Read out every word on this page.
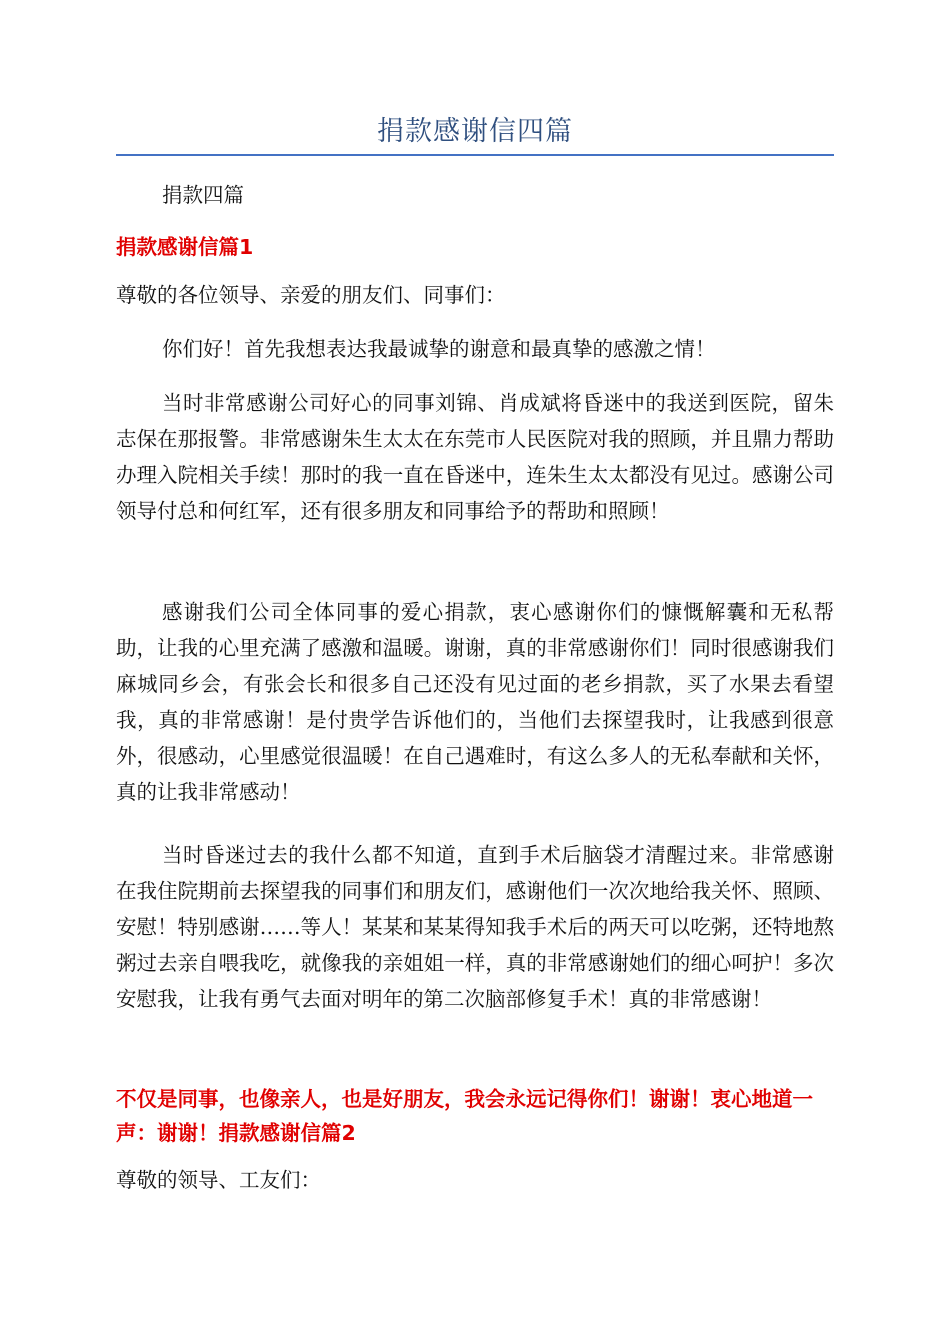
捐款感谢信四篇

捐款四篇

捐款感谢信篇1

尊敬的各位领导、亲爱的朋友们、同事们：

你们好！首先我想表达我最诚挚的谢意和最真挚的感激之情！

当时非常感谢公司好心的同事刘锦、肖成斌将昏迷中的我送到医院，留朱志保在那报警。非常感谢朱生太太在东莞市人民医院对我的照顾，并且鼎力帮助办理入院相关手续！那时的我一直在昏迷中，连朱生太太都没有见过。感谢公司领导付总和何红军，还有很多朋友和同事给予的帮助和照顾！

感谢我们公司全体同事的爱心捐款，衷心感谢你们的慷慨解囊和无私帮助，让我的心里充满了感激和温暖。谢谢，真的非常感谢你们！同时很感谢我们麻城同乡会，有张会长和很多自己还没有见过面的老乡捐款，买了水果去看望我，真的非常感谢！是付贵学告诉他们的，当他们去探望我时，让我感到很意外，很感动，心里感觉很温暖！在自己遇难时，有这么多人的无私奉献和关怀，真的让我非常感动！

当时昏迷过去的我什么都不知道，直到手术后脑袋才清醒过来。非常感谢在我住院期前去探望我的同事们和朋友们，感谢他们一次次地给我关怀、照顾、安慰！特别感谢……等人！某某和某某得知我手术后的两天可以吃粥，还特地熬粥过去亲自喂我吃，就像我的亲姐姐一样，真的非常感谢她们的细心呵护！多次安慰我，让我有勇气去面对明年的第二次脑部修复手术！真的非常感谢！

不仅是同事，也像亲人，也是好朋友，我会永远记得你们！谢谢！衷心地道一声：谢谢！捐款感谢信篇2

尊敬的领导、工友们：
